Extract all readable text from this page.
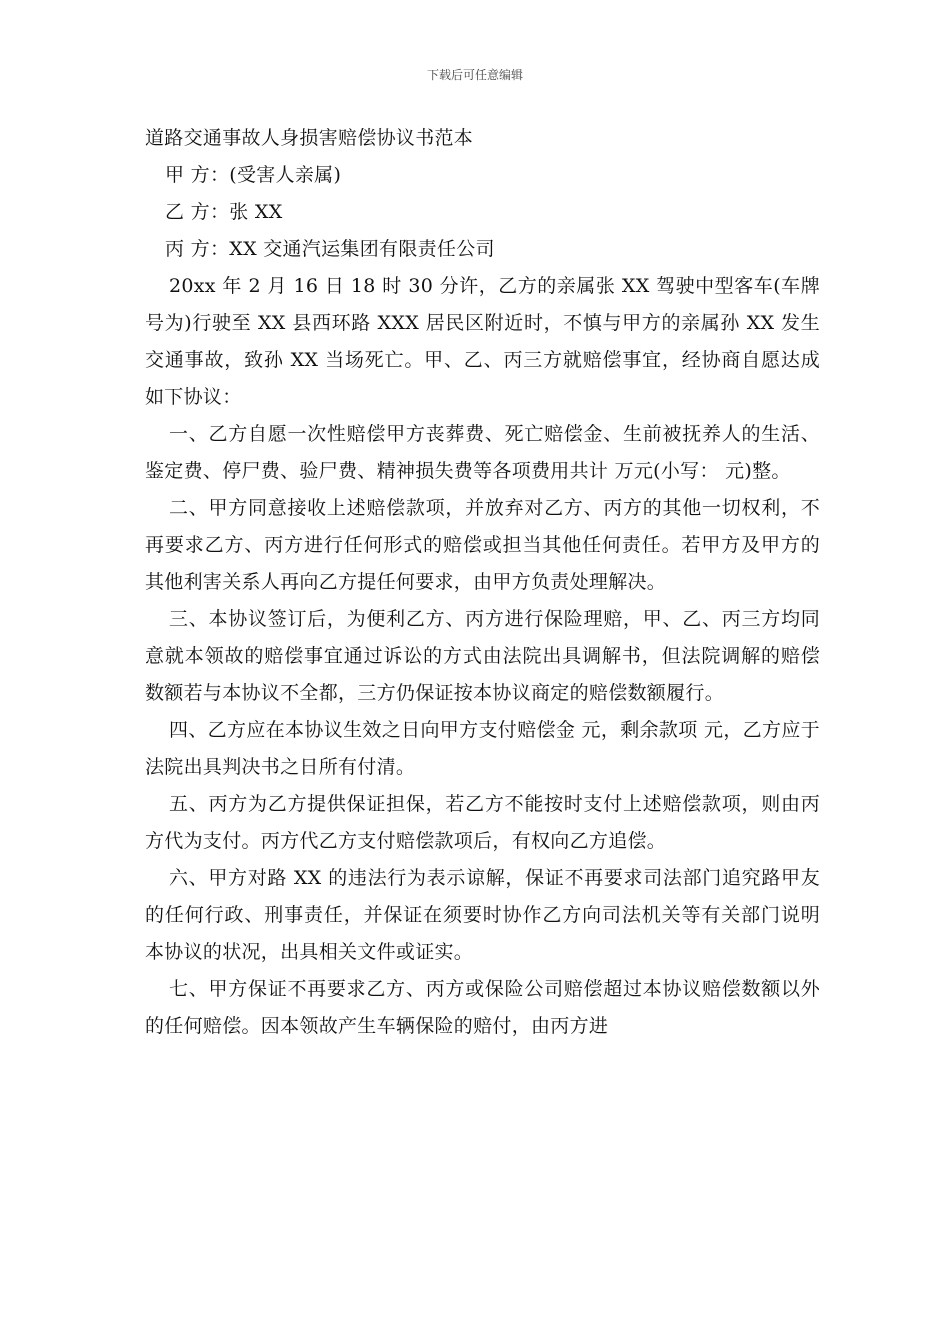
下载后可任意编辑

道路交通事故人身损害赔偿协议书范本

甲 方：(受害人亲属)

乙 方：张 XX

丙 方：XX 交通汽运集团有限责任公司

20xx 年 2 月 16 日 18 时 30 分许，乙方的亲属张 XX 驾驶中型客车(车牌号为)行驶至 XX 县西环路 XXX 居民区附近时，不慎与甲方的亲属孙 XX 发生交通事故，致孙 XX 当场死亡。甲、乙、丙三方就赔偿事宜，经协商自愿达成如下协议：

一、乙方自愿一次性赔偿甲方丧葬费、死亡赔偿金、生前被抚养人的生活、鉴定费、停尸费、验尸费、精神损失费等各项费用共计 万元(小写： 元)整。

二、甲方同意接收上述赔偿款项，并放弃对乙方、丙方的其他一切权利，不再要求乙方、丙方进行任何形式的赔偿或担当其他任何责任。若甲方及甲方的其他利害关系人再向乙方提任何要求，由甲方负责处理解决。

三、本协议签订后，为便利乙方、丙方进行保险理赔，甲、乙、丙三方均同意就本领故的赔偿事宜通过诉讼的方式由法院出具调解书，但法院调解的赔偿数额若与本协议不全都，三方仍保证按本协议商定的赔偿数额履行。

四、乙方应在本协议生效之日向甲方支付赔偿金 元，剩余款项 元，乙方应于法院出具判决书之日所有付清。

五、丙方为乙方提供保证担保，若乙方不能按时支付上述赔偿款项，则由丙方代为支付。丙方代乙方支付赔偿款项后，有权向乙方追偿。

六、甲方对路 XX 的违法行为表示谅解，保证不再要求司法部门追究路甲友的任何行政、刑事责任，并保证在须要时协作乙方向司法机关等有关部门说明本协议的状况，出具相关文件或证实。

七、甲方保证不再要求乙方、丙方或保险公司赔偿超过本协议赔偿数额以外的任何赔偿。因本领故产生车辆保险的赔付，由丙方进
